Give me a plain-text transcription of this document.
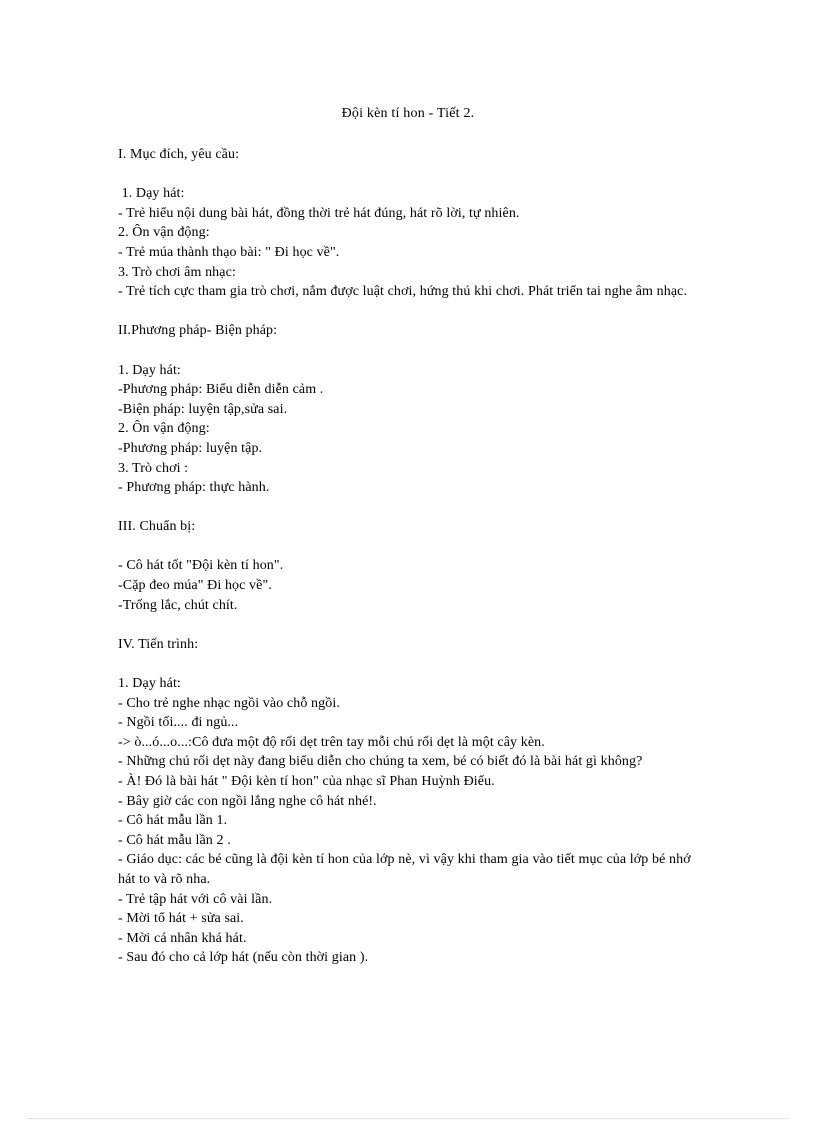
Đội kèn tí hon - Tiết 2.
I. Mục đích, yêu cầu:
1. Dạy hát:
- Trẻ hiểu nội dung bài hát, đồng thời trẻ hát đúng, hát rõ lời, tự nhiên.
2. Ôn vận động:
- Trẻ múa thành thạo bài: " Đi học về".
3. Trò chơi âm nhạc:
- Trẻ tích cực tham gia trò chơi, nắm được luật chơi, hứng thú khi chơi. Phát triển tai nghe âm nhạc.
II.Phương pháp- Biện pháp:
1. Dạy hát:
-Phương pháp: Biểu diễn diễn cảm .
-Biện pháp: luyện tập,sửa sai.
2. Ôn vận động:
-Phương pháp: luyện tập.
3. Trò chơi :
- Phương pháp: thực hành.
III. Chuẩn bị:
- Cô hát tốt "Đội kèn tí hon".
-Cặp đeo múa" Đi học về".
-Trống lắc, chút chít.
IV. Tiến trình:
1. Dạy hát:
- Cho trẻ nghe nhạc ngồi vào chỗ ngồi.
- Ngồi tối.... đi ngủ...
-> ò...ó...o...:Cô đưa một độ rối dẹt trên tay mỗi chú rối dẹt là một cây kèn.
- Những chú rối dẹt này đang biểu diễn cho chúng ta xem, bé có biết đó là bài hát gì không?
- À! Đó là bài hát " Đội kèn tí hon" của nhạc sĩ Phan Huỳnh Điểu.
- Bây giờ các con ngồi lắng nghe cô hát nhé!.
- Cô hát mẫu lần 1.
- Cô hát mẫu lần 2 .
- Giáo dục: các bé cũng là đội kèn tí hon của lớp nè, vì vậy khi tham gia vào tiết mục của lớp bé nhớ hát to và rõ nha.
- Trẻ tập hát với cô vài lần.
- Mời tổ hát + sửa sai.
- Mời cá nhân khá hát.
- Sau đó cho cả lớp hát (nếu còn thời gian ).
